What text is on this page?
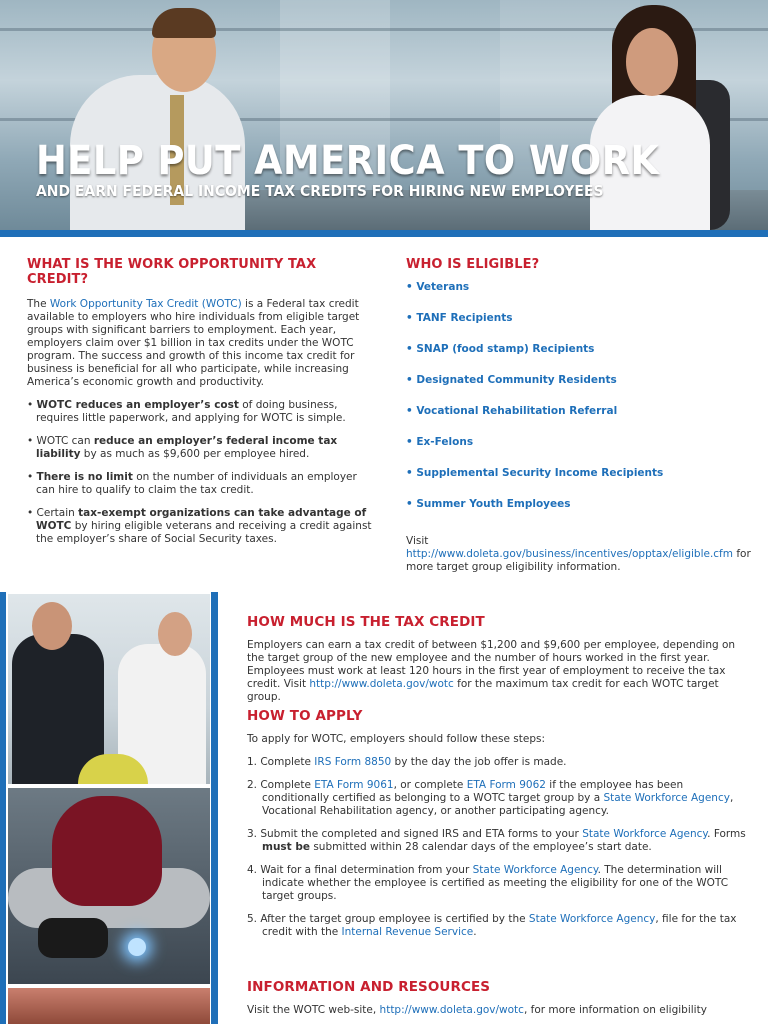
HELP PUT AMERICA TO WORK
AND EARN FEDERAL INCOME TAX CREDITS FOR HIRING NEW EMPLOYEES
WHAT IS THE WORK OPPORTUNITY TAX CREDIT?

The Work Opportunity Tax Credit (WOTC) is a Federal tax credit available to employers who hire individuals from eligible target groups with significant barriers to employment. Each year, employers claim over $1 billion in tax credits under the WOTC program. The success and growth of this income tax credit for business is beneficial for all who participate, while increasing America’s economic growth and productivity.

• WOTC reduces an employer’s cost of doing business, requires little paperwork, and applying for WOTC is simple.

• WOTC can reduce an employer’s federal income tax liability by as much as $9,600 per employee hired.

• There is no limit on the number of individuals an employer can hire to qualify to claim the tax credit.

• Certain tax-exempt organizations can take advantage of WOTC by hiring eligible veterans and receiving a credit against the employer’s share of Social Security taxes.

WHO IS ELIGIBLE?
• Veterans
• TANF Recipients
• SNAP (food stamp) Recipients
• Designated Community Residents
• Vocational Rehabilitation Referral
• Ex-Felons
• Supplemental Security Income Recipients
• Summer Youth Employees

Visit http://www.doleta.gov/business/incentives/opptax/eligible.cfm for more target group eligibility information.

HOW MUCH IS THE TAX CREDIT

Employers can earn a tax credit of between $1,200 and $9,600 per employee, depending on the target group of the new employee and the number of hours worked in the first year. Employees must work at least 120 hours in the first year of employment to receive the tax credit. Visit http://www.doleta.gov/wotc for the maximum tax credit for each WOTC target group.

HOW TO APPLY

To apply for WOTC, employers should follow these steps:

1. Complete IRS Form 8850 by the day the job offer is made.

2. Complete ETA Form 9061, or complete ETA Form 9062 if the employee has been conditionally certified as belonging to a WOTC target group by a State Workforce Agency, Vocational Rehabilitation agency, or another participating agency.

3. Submit the completed and signed IRS and ETA forms to your State Workforce Agency. Forms must be submitted within 28 calendar days of the employee’s start date.

4. Wait for a final determination from your State Workforce Agency. The determination will indicate whether the employee is certified as meeting the eligibility for one of the WOTC target groups.

5. After the target group employee is certified by the State Workforce Agency, file for the tax credit with the Internal Revenue Service.

INFORMATION AND RESOURCES

Visit the WOTC web-site, http://www.doleta.gov/wotc, for more information on eligibility
